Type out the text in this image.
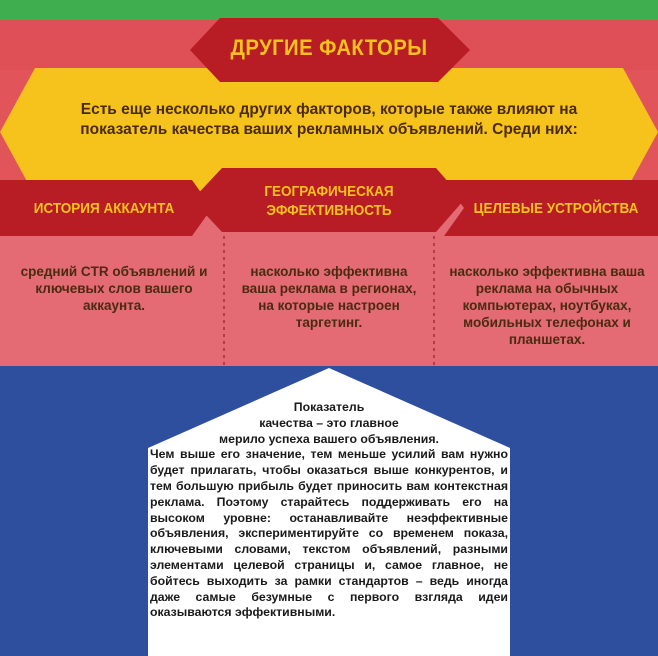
ДРУГИЕ ФАКТОРЫ
Есть еще несколько других факторов, которые также влияют на показатель качества ваших рекламных объявлений. Среди них:
ИСТОРИЯ АККАУНТА
ГЕОГРАФИЧЕСКАЯ ЭФФЕКТИВНОСТЬ	ЦЕЛЕВЫЕ УСТРОЙСТВА
средний CTR объявлений и ключевых слов вашего аккаунта.
насколько эффективна ваша реклама в регионах, на которые настроен таргетинг.
насколько эффективна ваша реклама на обычных компьютерах, ноутбуках, мобильных телефонах и планшетах.
Показатель
качества – это главное
мерило успеха вашего объявления.
Чем выше его значение, тем меньше усилий вам нужно будет прилагать, чтобы оказаться выше конкурентов, и тем большую прибыль будет приносить вам контекстная реклама. Поэтому старайтесь поддерживать его на высоком уровне: останавливайте неэффективные объявления, экспериментируйте со временем показа, ключевыми словами, текстом объявлений, разными элементами целевой страницы и, самое главное, не бойтесь выходить за рамки стандартов – ведь иногда даже самые безумные с первого взгляда идеи оказываются эффективными.
